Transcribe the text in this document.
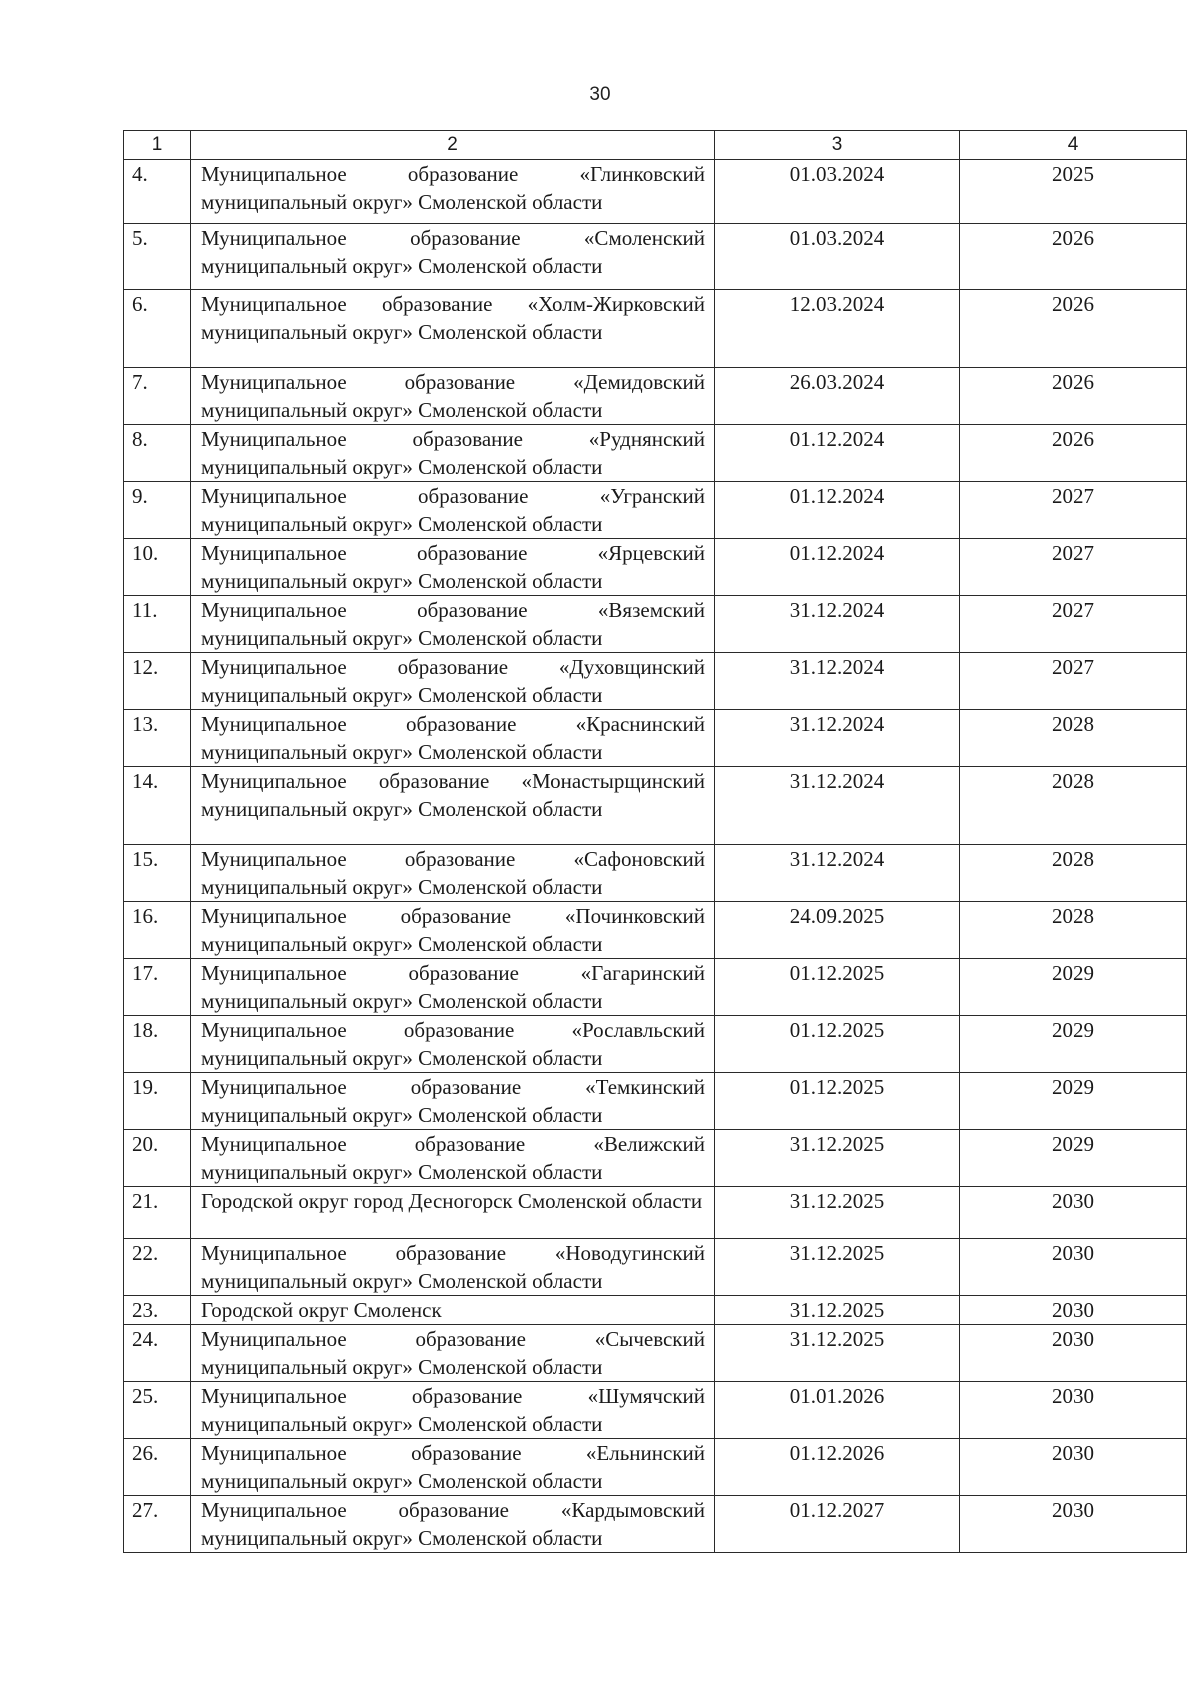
30
1	2	3	4
4.	Муниципальное образование «Глинковский муниципальный округ» Смоленской области	01.03.2024	2025
5.	Муниципальное образование «Смоленский муниципальный округ» Смоленской области	01.03.2024	2026
6.	Муниципальное образование «Холм-Жирковский муниципальный округ» Смоленской области	12.03.2024	2026
7.	Муниципальное образование «Демидовский муниципальный округ» Смоленской области	26.03.2024	2026
8.	Муниципальное образование «Руднянский муниципальный округ» Смоленской области	01.12.2024	2026
9.	Муниципальное образование «Угранский муниципальный округ» Смоленской области	01.12.2024	2027
10.	Муниципальное образование «Ярцевский муниципальный округ» Смоленской области	01.12.2024	2027
11.	Муниципальное образование «Вяземский муниципальный округ» Смоленской области	31.12.2024	2027
12.	Муниципальное образование «Духовщинский муниципальный округ» Смоленской области	31.12.2024	2027
13.	Муниципальное образование «Краснинский муниципальный округ» Смоленской области	31.12.2024	2028
14.	Муниципальное образование «Монастырщинский муниципальный округ» Смоленской области	31.12.2024	2028
15.	Муниципальное образование «Сафоновский муниципальный округ» Смоленской области	31.12.2024	2028
16.	Муниципальное образование «Починковский муниципальный округ» Смоленской области	24.09.2025	2028
17.	Муниципальное образование «Гагаринский муниципальный округ» Смоленской области	01.12.2025	2029
18.	Муниципальное образование «Рославльский муниципальный округ» Смоленской области	01.12.2025	2029
19.	Муниципальное образование «Темкинский муниципальный округ» Смоленской области	01.12.2025	2029
20.	Муниципальное образование «Велижский муниципальный округ» Смоленской области	31.12.2025	2029
21.	Городской округ город Десногорск Смоленской области	31.12.2025	2030
22.	Муниципальное образование «Новодугинский муниципальный округ» Смоленской области	31.12.2025	2030
23.	Городской округ Смоленск	31.12.2025	2030
24.	Муниципальное образование «Сычевский муниципальный округ» Смоленской области	31.12.2025	2030
25.	Муниципальное образование «Шумячский муниципальный округ» Смоленской области	01.01.2026	2030
26.	Муниципальное образование «Ельнинский муниципальный округ» Смоленской области	01.12.2026	2030
27.	Муниципальное образование «Кардымовский муниципальный округ» Смоленской области	01.12.2027	2030
